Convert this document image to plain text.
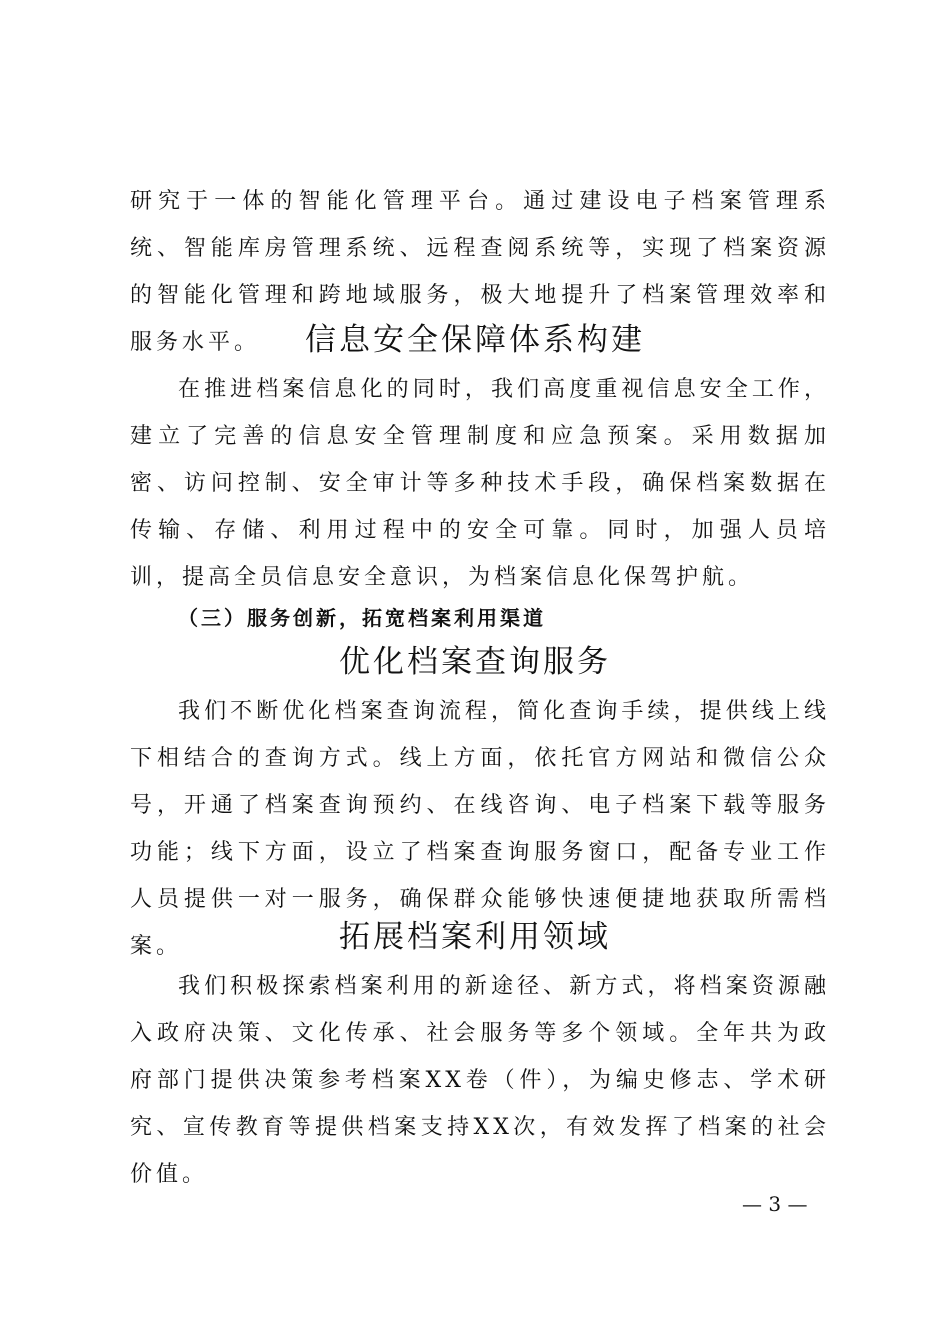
研究于一体的智能化管理平台。通过建设电子档案管理系统、智能库房管理系统、远程查阅系统等，实现了档案资源的智能化管理和跨地域服务，极大地提升了档案管理效率和服务水平。	信息安全保障体系构建

在推进档案信息化的同时，我们高度重视信息安全工作，建立了完善的信息安全管理制度和应急预案。采用数据加密、访问控制、安全审计等多种技术手段，确保档案数据在传输、存储、利用过程中的安全可靠。同时，加强人员培训，提高全员信息安全意识，为档案信息化保驾护航。

（三）服务创新，拓宽档案利用渠道
优化档案查询服务

我们不断优化档案查询流程，简化查询手续，提供线上线下相结合的查询方式。线上方面，依托官方网站和微信公众号，开通了档案查询预约、在线咨询、电子档案下载等服务功能；线下方面，设立了档案查询服务窗口，配备专业工作人员提供一对一服务，确保群众能够快速便捷地获取所需档案。	拓展档案利用领域

我们积极探索档案利用的新途径、新方式，将档案资源融入政府决策、文化传承、社会服务等多个领域。全年共为政府部门提供决策参考档案XX卷（件），为编史修志、学术研究、宣传教育等提供档案支持XX次，有效发挥了档案的社会价值。

— 3 —
